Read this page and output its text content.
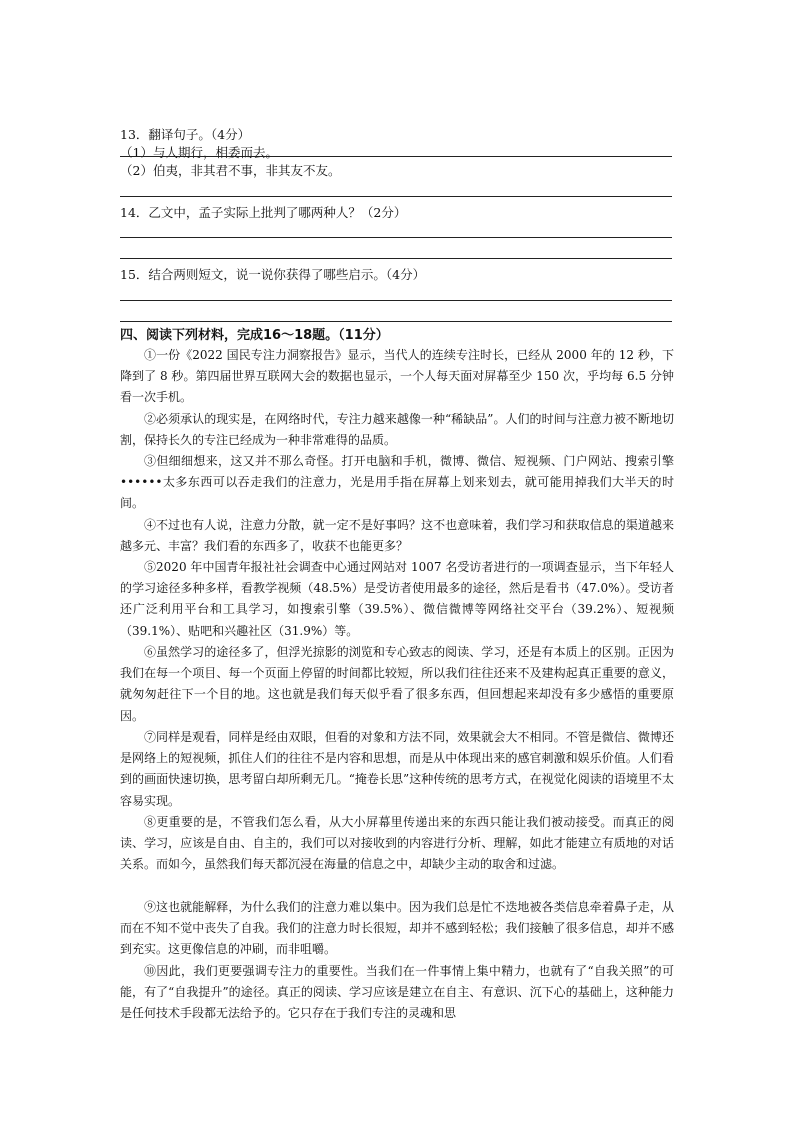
13．翻译句子。（4分）
（1）与人期行，相委而去。
（2）伯夷，非其君不事，非其友不友。
14．乙文中，孟子实际上批判了哪两种人？（2分）
15．结合两则短文，说一说你获得了哪些启示。（4分）
四、阅读下列材料，完成16～18题。（11分）
①一份《2022 国民专注力洞察报告》显示，当代人的连续专注时长，已经从 2000 年的 12 秒，下降到了 8 秒。第四届世界互联网大会的数据也显示，一个人每天面对屏幕至少 150 次，乎均每 6.5 分钟看一次手机。
②必须承认的现实是，在网络时代，专注力越来越像一种“稀缺品”。人们的时间与注意力被不断地切割，保持长久的专注已经成为一种非常难得的品质。
③但细细想来，这又并不那么奇怪。打开电脑和手机，微博、微信、短视频、门户网站、搜索引擎••••••太多东西可以吞走我们的注意力，光是用手指在屏幕上划来划去，就可能用掉我们大半天的时间。
④不过也有人说，注意力分散，就一定不是好事吗？这不也意味着，我们学习和获取信息的渠道越来越多元、丰富？我们看的东西多了，收获不也能更多？
⑤2020 年中国青年报社社会调查中心通过网站对 1007 名受访者进行的一项调查显示，当下年轻人的学习途径多种多样，看教学视频（48.5%）是受访者使用最多的途径，然后是看书（47.0%）。受访者还广泛利用平台和工具学习，如搜索引擎（39.5%）、微信微博等网络社交平台（39.2%）、短视频（39.1%）、贴吧和兴趣社区（31.9%）等。
⑥虽然学习的途径多了，但浮光掠影的浏览和专心致志的阅读、学习，还是有本质上的区别。正因为我们在每一个项目、每一个页面上停留的时间都比较短，所以我们往往还来不及建构起真正重要的意义，就匆匆赶往下一个目的地。这也就是我们每天似乎看了很多东西，但回想起来却没有多少感悟的重要原因。
⑦同样是观看，同样是经由双眼，但看的对象和方法不同，效果就会大不相同。不管是微信、微博还是网络上的短视频，抓住人们的往往不是内容和思想，而是从中体现出来的感官刺激和娱乐价值。人们看到的画面快速切换，思考留白却所剩无几。“掩卷长思”这种传统的思考方式，在视觉化阅读的语境里不太容易实现。
⑧更重要的是，不管我们怎么看，从大小屏幕里传递出来的东西只能让我们被动接受。而真正的阅读、学习，应该是自由、自主的，我们可以对接收到的内容进行分析、理解，如此才能建立有质地的对话关系。而如今，虽然我们每天都沉浸在海量的信息之中，却缺少主动的取舍和过滤。
⑨这也就能解释，为什么我们的注意力难以集中。因为我们总是忙不迭地被各类信息牵着鼻子走，从而在不知不觉中丧失了自我。我们的注意力时长很短，却并不感到轻松；我们接触了很多信息，却并不感到充实。这更像信息的冲刷，而非咀嚼。
⑩因此，我们更要强调专注力的重要性。当我们在一件事情上集中精力，也就有了“自我关照”的可能，有了“自我提升”的途径。真正的阅读、学习应该是建立在自主、有意识、沉下心的基础上，这种能力是任何技术手段都无法给予的。它只存在于我们专注的灵魂和思
